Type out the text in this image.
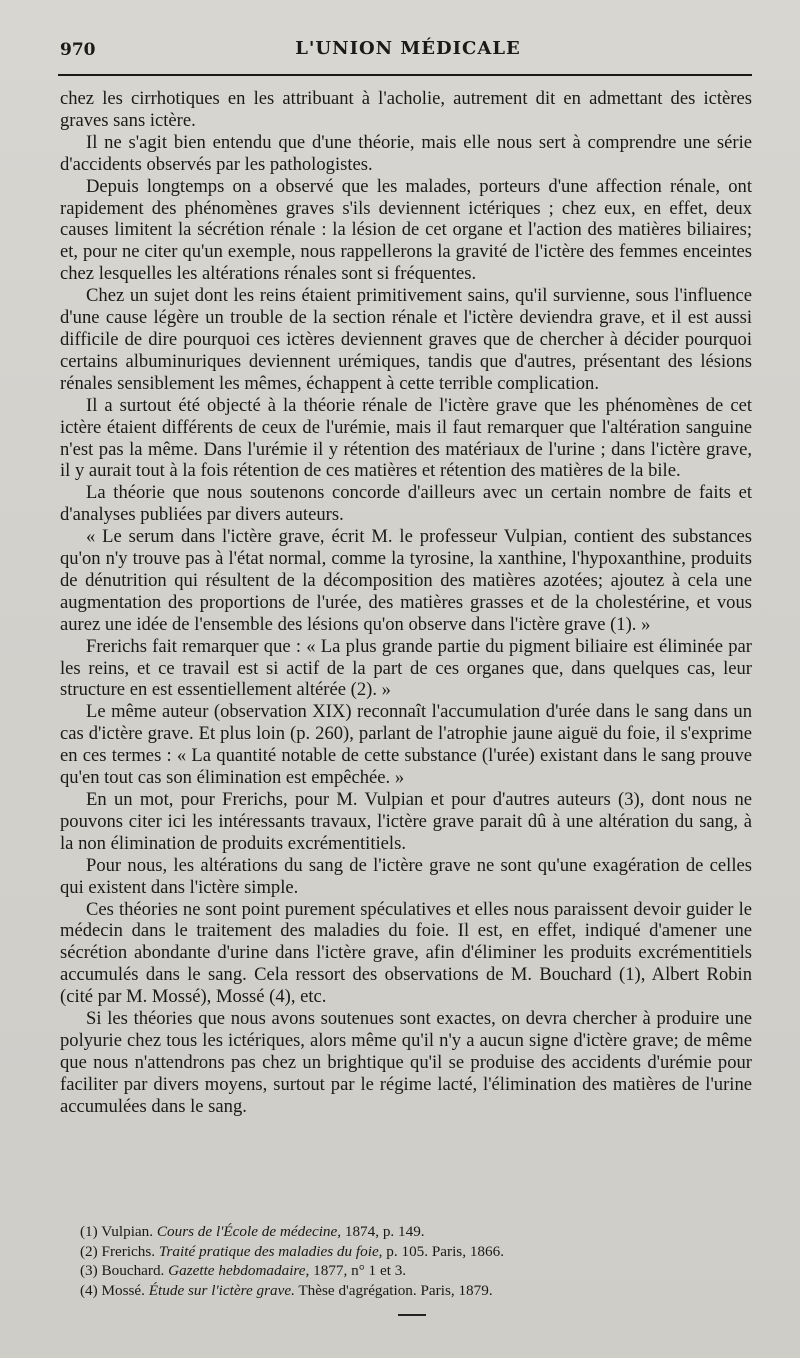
970	L'UNION MÉDICALE

chez les cirrhotiques en les attribuant à l'acholie, autrement dit en admettant des ictères graves sans ictère.

Il ne s'agit bien entendu que d'une théorie, mais elle nous sert à comprendre une série d'accidents observés par les pathologistes.

Depuis longtemps on a observé que les malades, porteurs d'une affection rénale, ont rapidement des phénomènes graves s'ils deviennent ictériques ; chez eux, en effet, deux causes limitent la sécrétion rénale : la lésion de cet organe et l'action des matières biliaires; et, pour ne citer qu'un exemple, nous rappellerons la gravité de l'ictère des femmes enceintes chez lesquelles les altérations rénales sont si fréquentes.

Chez un sujet dont les reins étaient primitivement sains, qu'il survienne, sous l'influence d'une cause légère un trouble de la section rénale et l'ictère deviendra grave, et il est aussi difficile de dire pourquoi ces ictères deviennent graves que de chercher à décider pourquoi certains albuminuriques deviennent urémiques, tandis que d'autres, présentant des lésions rénales sensiblement les mêmes, échappent à cette terrible complication.

Il a surtout été objecté à la théorie rénale de l'ictère grave que les phénomènes de cet ictère étaient différents de ceux de l'urémie, mais il faut remarquer que l'altération sanguine n'est pas la même. Dans l'urémie il y rétention des matériaux de l'urine ; dans l'ictère grave, il y aurait tout à la fois rétention de ces matières et rétention des matières de la bile.

La théorie que nous soutenons concorde d'ailleurs avec un certain nombre de faits et d'analyses publiées par divers auteurs.

« Le serum dans l'ictère grave, écrit M. le professeur Vulpian, contient des substances qu'on n'y trouve pas à l'état normal, comme la tyrosine, la xanthine, l'hypoxanthine, produits de dénutrition qui résultent de la décomposition des matières azotées; ajoutez à cela une augmentation des proportions de l'urée, des matières grasses et de la cholestérine, et vous aurez une idée de l'ensemble des lésions qu'on observe dans l'ictère grave (1). »

Frerichs fait remarquer que : « La plus grande partie du pigment biliaire est éliminée par les reins, et ce travail est si actif de la part de ces organes que, dans quelques cas, leur structure en est essentiellement altérée (2). »

Le même auteur (observation XIX) reconnaît l'accumulation d'urée dans le sang dans un cas d'ictère grave. Et plus loin (p. 260), parlant de l'atrophie jaune aiguë du foie, il s'exprime en ces termes : « La quantité notable de cette substance (l'urée) existant dans le sang prouve qu'en tout cas son élimination est empêchée. »

En un mot, pour Frerichs, pour M. Vulpian et pour d'autres auteurs (3), dont nous ne pouvons citer ici les intéressants travaux, l'ictère grave parait dû à une altération du sang, à la non élimination de produits excrémentitiels.

Pour nous, les altérations du sang de l'ictère grave ne sont qu'une exagération de celles qui existent dans l'ictère simple.

Ces théories ne sont point purement spéculatives et elles nous paraissent devoir guider le médecin dans le traitement des maladies du foie. Il est, en effet, indiqué d'amener une sécrétion abondante d'urine dans l'ictère grave, afin d'éliminer les produits excrémentitiels accumulés dans le sang. Cela ressort des observations de M. Bouchard (1), Albert Robin (cité par M. Mossé), Mossé (4), etc.

Si les théories que nous avons soutenues sont exactes, on devra chercher à produire une polyurie chez tous les ictériques, alors même qu'il n'y a aucun signe d'ictère grave; de même que nous n'attendrons pas chez un brightique qu'il se produise des accidents d'urémie pour faciliter par divers moyens, surtout par le régime lacté, l'élimination des matières de l'urine accumulées dans le sang.

(1) Vulpian. Cours de l'École de médecine, 1874, p. 149.

(2) Frerichs. Traité pratique des maladies du foie, p. 105. Paris, 1866.

(3) Bouchard. Gazette hebdomadaire, 1877, n° 1 et 3.

(4) Mossé. Étude sur l'ictère grave. Thèse d'agrégation. Paris, 1879.
